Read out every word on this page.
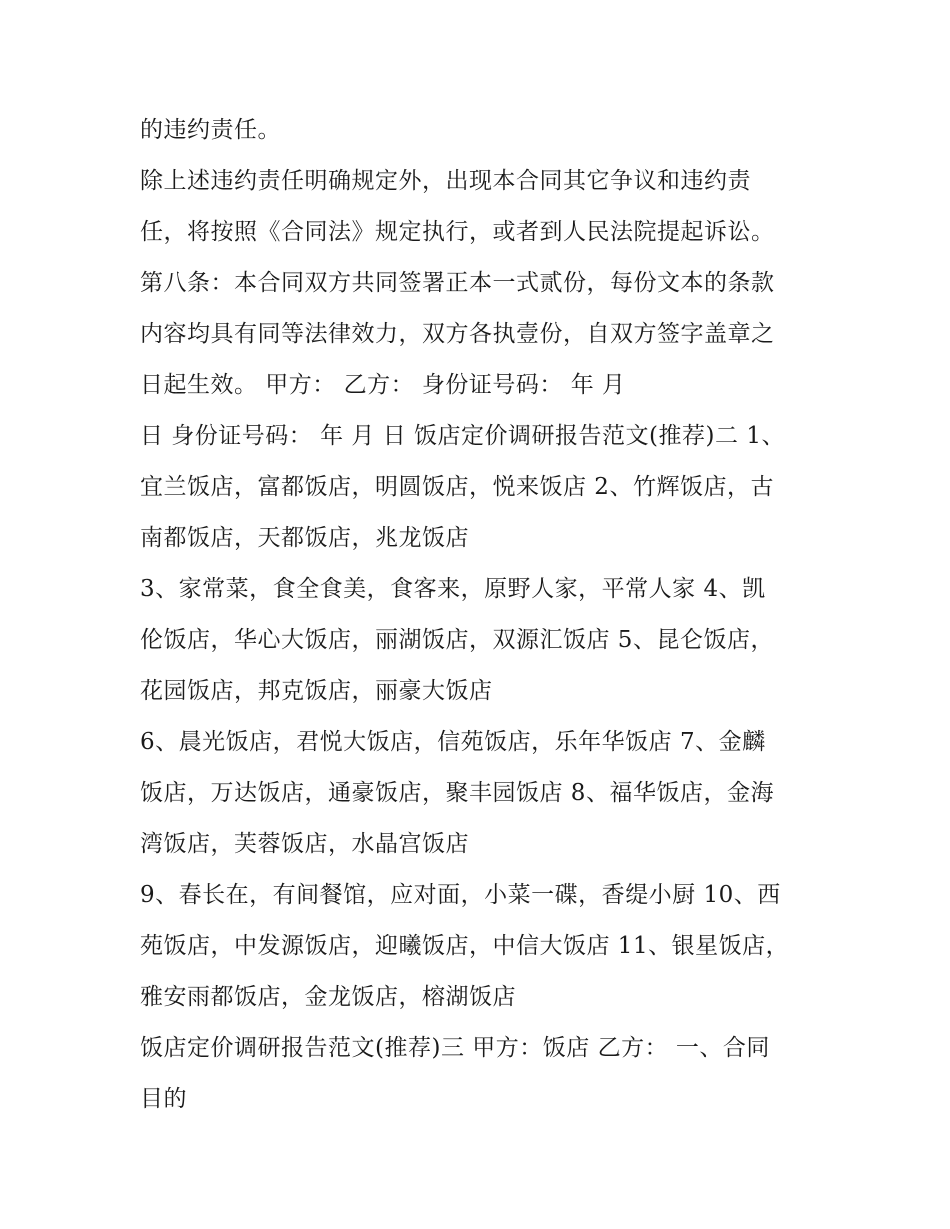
的违约责任。
除上述违约责任明确规定外，出现本合同其它争议和违约责
任，将按照《合同法》规定执行，或者到人民法院提起诉讼。
第八条：本合同双方共同签署正本一式贰份，每份文本的条款
内容均具有同等法律效力，双方各执壹份，自双方签字盖章之
日起生效。 甲方： 乙方： 身份证号码： 年 月
日 身份证号码： 年 月 日 饭店定价调研报告范文(推荐)二 1、
宜兰饭店，富都饭店，明圆饭店，悦来饭店 2、竹辉饭店，古
南都饭店，天都饭店，兆龙饭店
3、家常菜，食全食美，食客来，原野人家，平常人家 4、凯
伦饭店，华心大饭店，丽湖饭店，双源汇饭店 5、昆仑饭店，
花园饭店，邦克饭店，丽豪大饭店
6、晨光饭店，君悦大饭店，信苑饭店，乐年华饭店 7、金麟
饭店，万达饭店，通豪饭店，聚丰园饭店 8、福华饭店，金海
湾饭店，芙蓉饭店，水晶宫饭店
9、春长在，有间餐馆，应对面，小菜一碟，香缇小厨 10、西
苑饭店，中发源饭店，迎曦饭店，中信大饭店 11、银星饭店，
雅安雨都饭店，金龙饭店，榕湖饭店
饭店定价调研报告范文(推荐)三 甲方：饭店 乙方： 一、合同
目的
